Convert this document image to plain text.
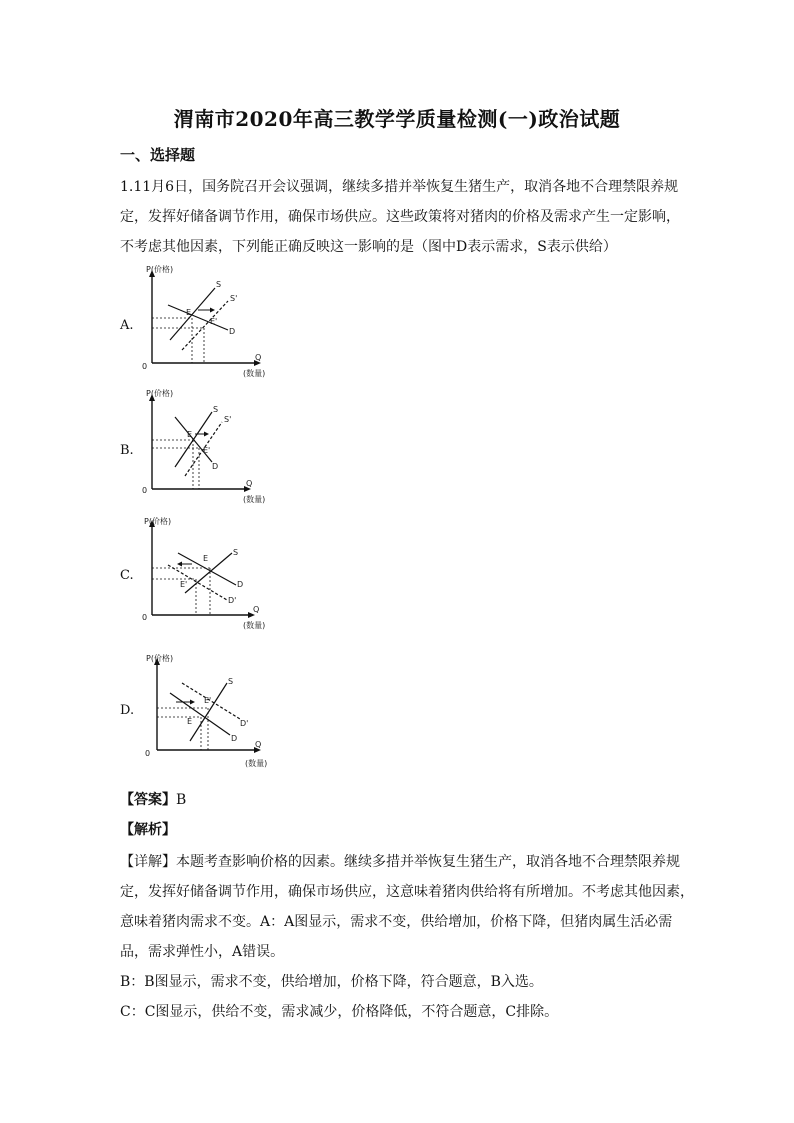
渭南市2020年高三教学学质量检测(一)政治试题
一、选择题
1.11月6日，国务院召开会议强调，继续多措并举恢复生猪生产，取消各地不合理禁限养规
定，发挥好储备调节作用，确保市场供应。这些政策将对猪肉的价格及需求产生一定影响，
不考虑其他因素，下列能正确反映这一影响的是（图中D表示需求，S表示供给）
A.
P(价格)
Q
(数量)
0
S
S'
D
E
E'
B.
P(价格)
Q
(数量)
0
S
S'
D
E
E'
C.
P(价格)
Q
(数量)
0
S
D
D'
E
E'
D.
P(价格)
Q
(数量)
0
S
D
D'
E
E'
【答案】B
【解析】
【详解】本题考查影响价格的因素。继续多措并举恢复生猪生产，取消各地不合理禁限养规
定，发挥好储备调节作用，确保市场供应，这意味着猪肉供给将有所增加。不考虑其他因素，
意味着猪肉需求不变。A：A图显示，需求不变，供给增加，价格下降，但猪肉属生活必需
品，需求弹性小，A错误。
B：B图显示，需求不变，供给增加，价格下降，符合题意，B入选。
C：C图显示，供给不变，需求减少，价格降低，不符合题意，C排除。
